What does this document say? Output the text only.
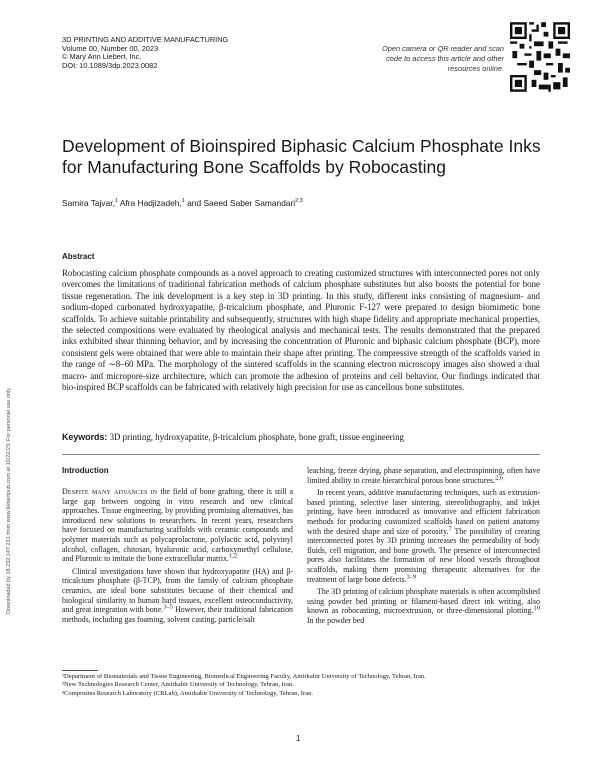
3D PRINTING AND ADDITIVE MANUFACTURING
Volume 00, Number 00, 2023
© Mary Ann Liebert, Inc.
DOI: 10.1089/3dp.2023.0082
Open camera or QR reader and scan code to access this article and other resources online.
Development of Bioinspired Biphasic Calcium Phosphate Inks for Manufacturing Bone Scaffolds by Robocasting
Samira Tajvar,$^1$ Afra Hadjizadeh,$^1$ and Saeed Saber Samandari$^{2,3}$
Abstract

Robocasting calcium phosphate compounds as a novel approach to creating customized structures with interconnected pores not only overcomes the limitations of traditional fabrication methods of calcium phosphate substitutes but also boosts the potential for bone tissue regeneration. The ink development is a key step in 3D printing. In this study, different inks consisting of magnesium- and sodium-doped carbonated hydroxyapatite, β-tricalcium phosphate, and Pluronic F-127 were prepared to design biomimetic bone scaffolds. To achieve suitable printability and subsequently, structures with high shape fidelity and appropriate mechanical properties, the selected compositions were evaluated by rheological analysis and mechanical tests. The results demonstrated that the prepared inks exhibited shear thinning behavior, and by increasing the concentration of Pluronic and biphasic calcium phosphate (BCP), more consistent gels were obtained that were able to maintain their shape after printing. The compressive strength of the scaffolds varied in the range of ∼8–60 MPa. The morphology of the sintered scaffolds in the scanning electron microscopy images also showed a dual macro- and micropore-size architecture, which can promote the adhesion of proteins and cell behavior. Our findings indicated that bio-inspired BCP scaffolds can be fabricated with relatively high precision for use as cancellous bone substitutes.

Keywords: 3D printing, hydroxyapatite, β-tricalcium phosphate, bone graft, tissue engineering
Introduction

Despite many advances in the field of bone grafting, there is still a large gap between ongoing in vitro research and new clinical approaches. Tissue engineering, by providing promising alternatives, has introduced new solutions to researchers. In recent years, researchers have focused on manufacturing scaffolds with ceramic compounds and polymer materials such as polycaprolactone, polylactic acid, polyvinyl alcohol, collagen, chitosan, hyaluronic acid, carboxymethyl cellulose, and Pluronic to imitate the bone extracellular matrix.$^{1,2}$

Clinical investigations have shown that hydroxyapatite (HA) and β-tricalcium phosphate (β-TCP), from the family of calcium phosphate ceramics, are ideal bone substitutes because of their chemical and biological similarity to human hard tissues, excellent osteoconductivity, and great integration with bone.$^{3-5}$ However, their traditional fabrication methods, including gas foaming, solvent casting, particle/salt

leaching, freeze drying, phase separation, and electrospinning, often have limited ability to create hierarchical porous bone structures.$^{2,6}$

In recent years, additive manufacturing techniques, such as extrusion-based printing, selective laser sintering, stereolithography, and inkjet printing, have been introduced as innovative and efficient fabrication methods for producing customized scaffolds based on patient anatomy with the desired shape and size of porosity.$^7$ The possibility of creating interconnected pores by 3D printing increases the permeability of body fluids, cell migration, and bone growth. The presence of interconnected pores also facilitates the formation of new blood vessels throughout scaffolds, making them promising therapeutic alternatives for the treatment of large bone defects.$^{3-9}$

The 3D printing of calcium phosphate materials is often accomplished using powder bed printing or filament-based direct ink writing, also known as robocasting, microextrusion, or three-dimensional plotting.$^{10}$ In the powder bed

¹Department of Biomaterials and Tissue Engineering, Biomedical Engineering Faculty, Amirkabir University of Technology, Tehran, Iran.
²New Technologies Research Center, Amirkabir University of Technology, Tehran, Iran.
³Composites Research Laboratory (CRLab), Amirkabir University of Technology, Tehran, Iran.
1
Downloaded by 18.232.147.231 from www.liebertpub.com at 10/22/23. For personal use only.
